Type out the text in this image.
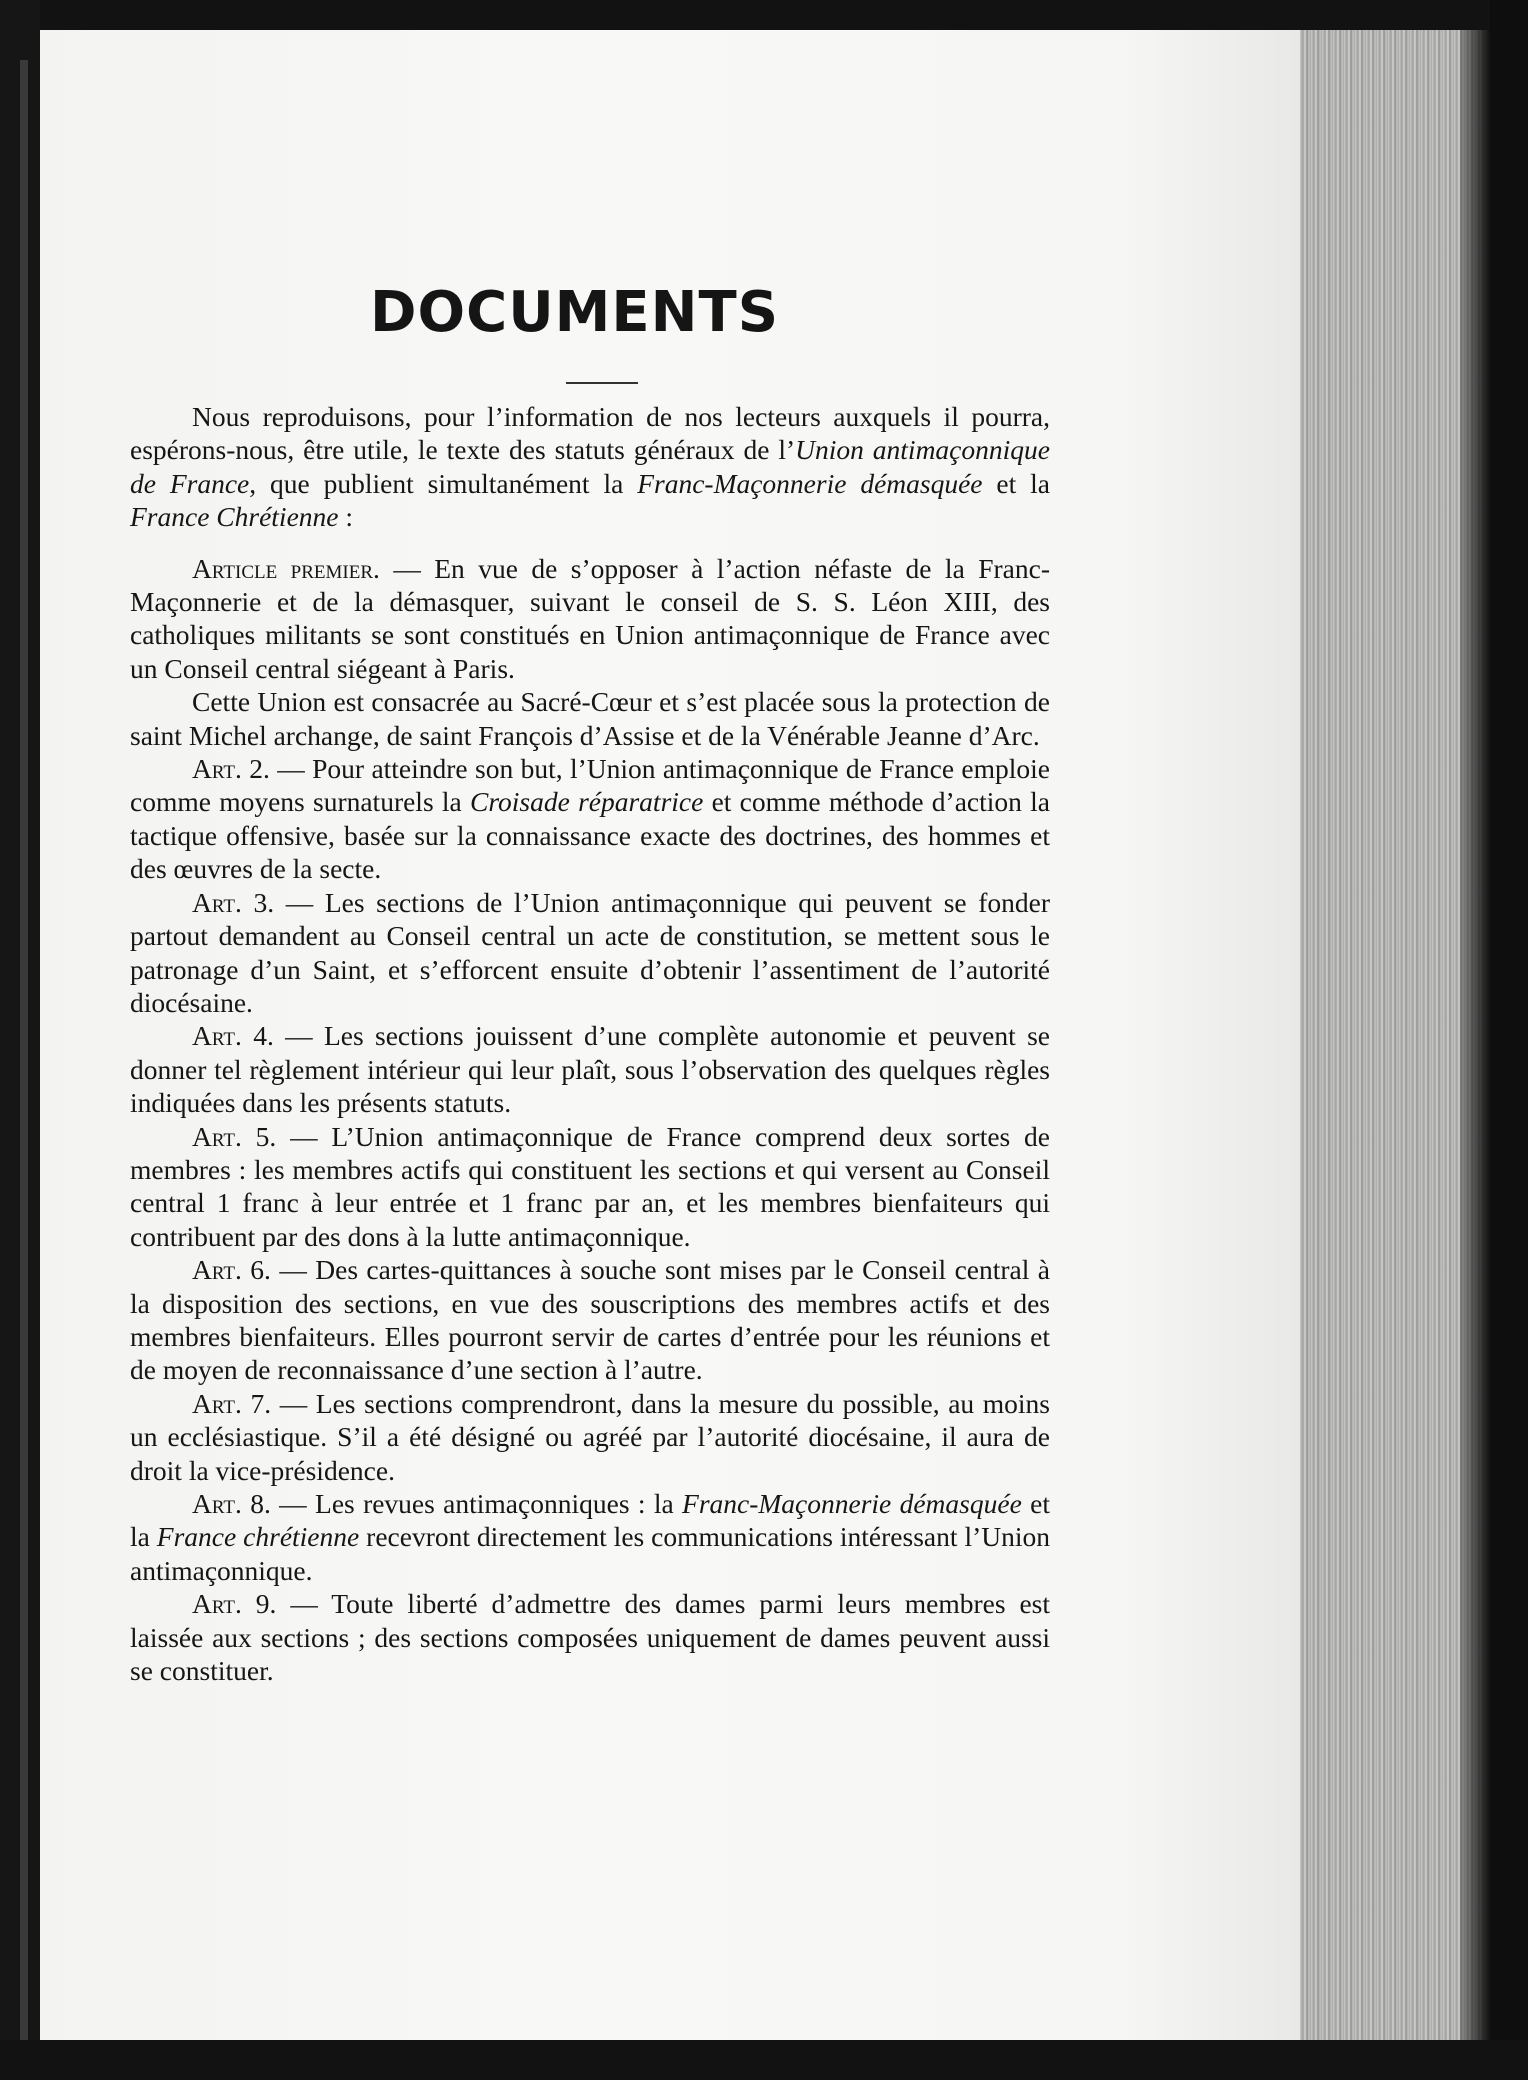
DOCUMENTS

Nous reproduisons, pour l’information de nos lecteurs auxquels il pourra, espérons-nous, être utile, le texte des statuts généraux de l’Union antimaçonnique de France, que publient simultanément la Franc-Maçonnerie démasquée et la France Chrétienne :

Article premier. — En vue de s’opposer à l’action néfaste de la Franc-Maçonnerie et de la démasquer, suivant le conseil de S. S. Léon XIII, des catholiques militants se sont constitués en Union antimaçonnique de France avec un Conseil central siégeant à Paris.

Cette Union est consacrée au Sacré-Cœur et s’est placée sous la protection de saint Michel archange, de saint François d’Assise et de la Vénérable Jeanne d’Arc.

Art. 2. — Pour atteindre son but, l’Union antimaçonnique de France emploie comme moyens surnaturels la Croisade réparatrice et comme méthode d’action la tactique offensive, basée sur la connaissance exacte des doctrines, des hommes et des œuvres de la secte.

Art. 3. — Les sections de l’Union antimaçonnique qui peuvent se fonder partout demandent au Conseil central un acte de constitution, se mettent sous le patronage d’un Saint, et s’efforcent ensuite d’obtenir l’assentiment de l’autorité diocésaine.

Art. 4. — Les sections jouissent d’une complète autonomie et peuvent se donner tel règlement intérieur qui leur plaît, sous l’observation des quelques règles indiquées dans les présents statuts.

Art. 5. — L’Union antimaçonnique de France comprend deux sortes de membres : les membres actifs qui constituent les sections et qui versent au Conseil central 1 franc à leur entrée et 1 franc par an, et les membres bienfaiteurs qui contribuent par des dons à la lutte antimaçonnique.

Art. 6. — Des cartes-quittances à souche sont mises par le Conseil central à la disposition des sections, en vue des souscriptions des membres actifs et des membres bienfaiteurs. Elles pourront servir de cartes d’entrée pour les réunions et de moyen de reconnaissance d’une section à l’autre.

Art. 7. — Les sections comprendront, dans la mesure du possible, au moins un ecclésiastique. S’il a été désigné ou agréé par l’autorité diocésaine, il aura de droit la vice-présidence.

Art. 8. — Les revues antimaçonniques : la Franc-Maçonnerie démasquée et la France chrétienne recevront directement les communications intéressant l’Union antimaçonnique.

Art. 9. — Toute liberté d’admettre des dames parmi leurs membres est laissée aux sections ; des sections composées uniquement de dames peuvent aussi se constituer.
